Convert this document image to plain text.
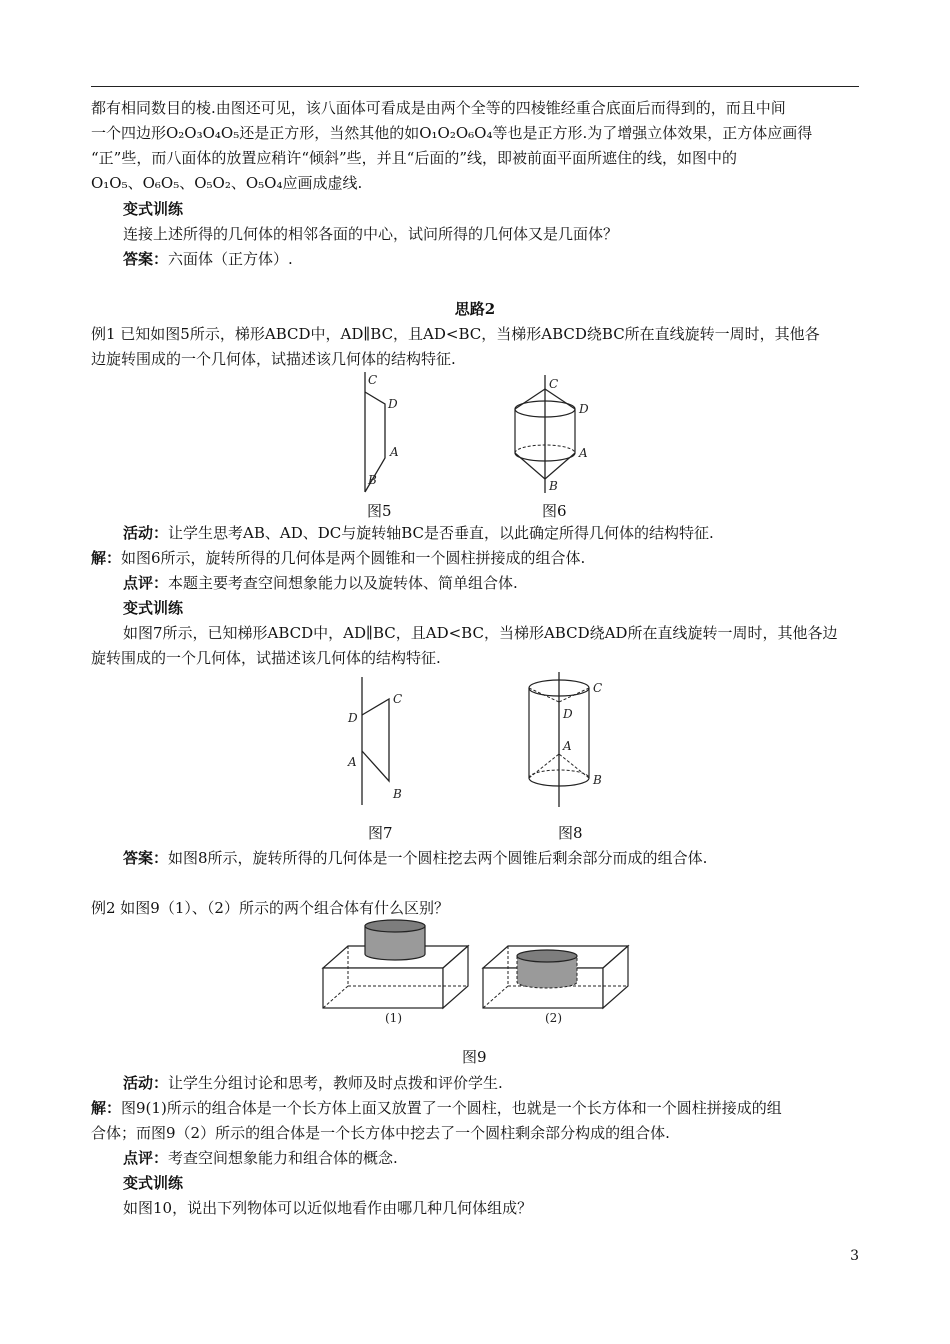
都有相同数目的棱.由图还可见，该八面体可看成是由两个全等的四棱锥经重合底面后而得到的，而且中间
一个四边形O₂O₃O₄O₅还是正方形，当然其他的如O₁O₂O₆O₄等也是正方形.为了增强立体效果，正方体应画得
“正”些，而八面体的放置应稍许“倾斜”些，并且“后面的”线，即被前面平面所遮住的线，如图中的
O₁O₅、O₆O₅、O₅O₂、O₅O₄应画成虚线.
变式训练
连接上述所得的几何体的相邻各面的中心，试问所得的几何体又是几面体？
答案：六面体（正方体）.
思路2
例1 已知如图5所示，梯形ABCD中，AD∥BC，且AD<BC，当梯形ABCD绕BC所在直线旋转一周时，其他各
边旋转围成的一个几何体，试描述该几何体的结构特征.
C
D
A
B
图5
C
D
A
B
图6
活动：让学生思考AB、AD、DC与旋转轴BC是否垂直，以此确定所得几何体的结构特征.
解：如图6所示，旋转所得的几何体是两个圆锥和一个圆柱拼接成的组合体.
点评：本题主要考查空间想象能力以及旋转体、简单组合体.
变式训练
如图7所示，已知梯形ABCD中，AD∥BC，且AD<BC，当梯形ABCD绕AD所在直线旋转一周时，其他各边
旋转围成的一个几何体，试描述该几何体的结构特征.
C
D
A
B
图7
C
D
A
B
图8
答案：如图8所示，旋转所得的几何体是一个圆柱挖去两个圆锥后剩余部分而成的组合体.
例2 如图9（1）、（2）所示的两个组合体有什么区别？
(1)	(2)
图9
活动：让学生分组讨论和思考，教师及时点拨和评价学生.
解：图9(1)所示的组合体是一个长方体上面又放置了一个圆柱，也就是一个长方体和一个圆柱拼接成的组
合体；而图9（2）所示的组合体是一个长方体中挖去了一个圆柱剩余部分构成的组合体.
点评：考查空间想象能力和组合体的概念.
变式训练
如图10，说出下列物体可以近似地看作由哪几种几何体组成？
3
